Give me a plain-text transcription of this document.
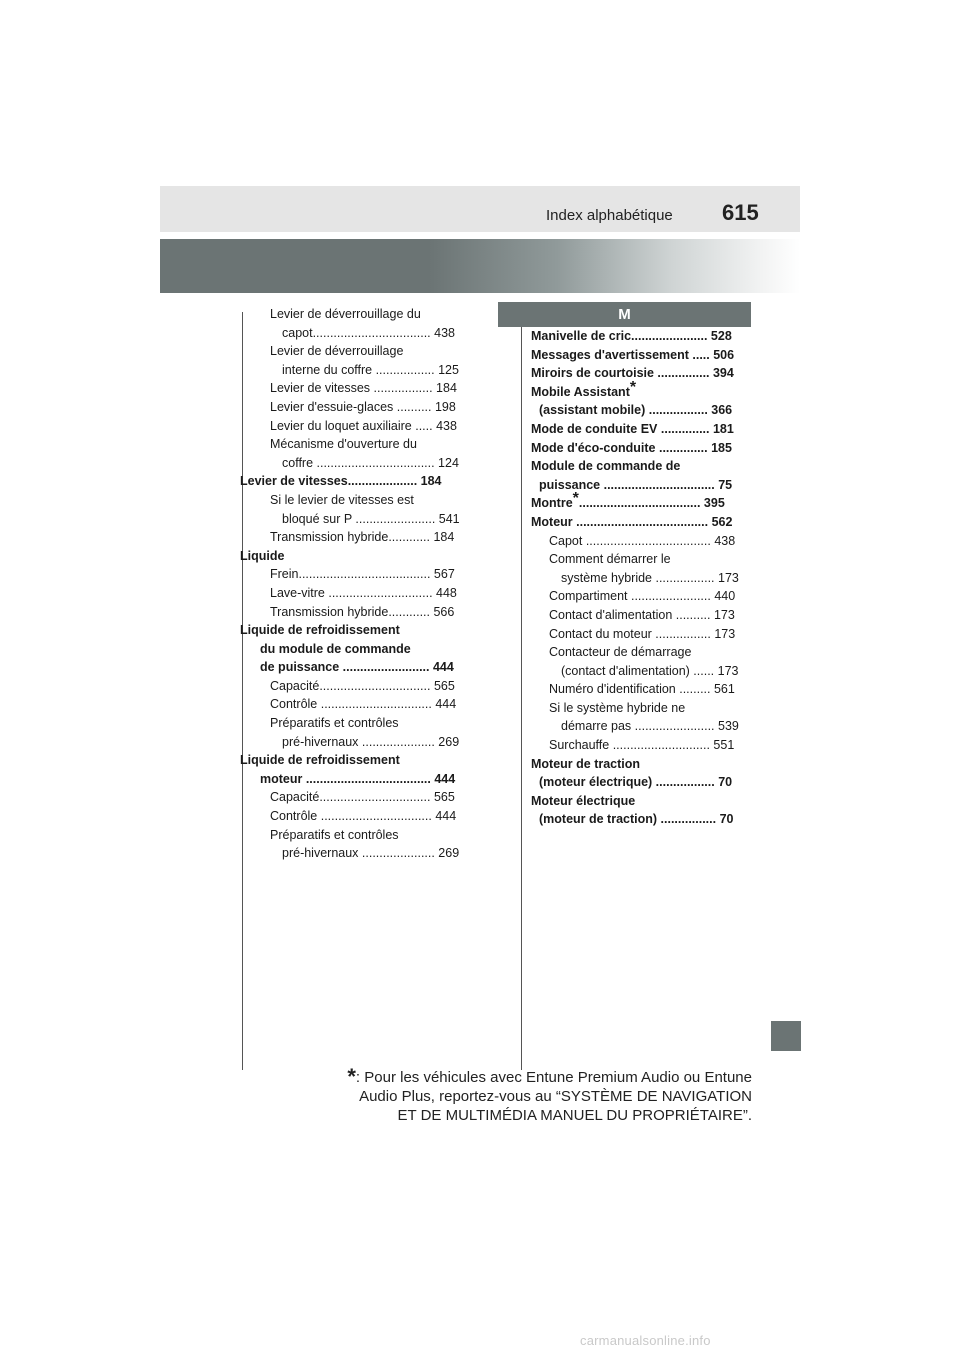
Index alphabétique 615
Levier de déverrouillage du
capot.................................. 438
Levier de déverrouillage
interne du coffre ................. 125
Levier de vitesses ................. 184
Levier d'essuie-glaces .......... 198
Levier du loquet auxiliaire ..... 438
Mécanisme d'ouverture du
coffre .................................. 124
Levier de vitesses.................... 184
Si le levier de vitesses est
bloqué sur P ....................... 541
Transmission hybride............ 184
Liquide
Frein...................................... 567
Lave-vitre .............................. 448
Transmission hybride............ 566
Liquide de refroidissement
du module de commande
de puissance ......................... 444
Capacité................................ 565
Contrôle ................................ 444
Préparatifs et contrôles
pré-hivernaux ..................... 269
Liquide de refroidissement
moteur .................................... 444
Capacité................................ 565
Contrôle ................................ 444
Préparatifs et contrôles
pré-hivernaux ..................... 269
M
Manivelle de cric...................... 528
Messages d'avertissement ..... 506
Miroirs de courtoisie ............... 394
Mobile Assistant*
(assistant mobile) ................. 366
Mode de conduite EV .............. 181
Mode d'éco-conduite .............. 185
Module de commande de
puissance ................................ 75
Montre*................................... 395
Moteur ...................................... 562
Capot .................................... 438
Comment démarrer le
système hybride ................. 173
Compartiment ....................... 440
Contact d'alimentation .......... 173
Contact du moteur ................ 173
Contacteur de démarrage
(contact d'alimentation) ...... 173
Numéro d'identification ......... 561
Si le système hybride ne
démarre pas ....................... 539
Surchauffe ............................ 551
Moteur de traction
(moteur électrique) ................. 70
Moteur électrique
(moteur de traction) ................ 70
*: Pour les véhicules avec Entune Premium Audio ou Entune
Audio Plus, reportez-vous au “SYSTÈME DE NAVIGATION
ET DE MULTIMÉDIA MANUEL DU PROPRIÉTAIRE”.
carmanualsonline.info
